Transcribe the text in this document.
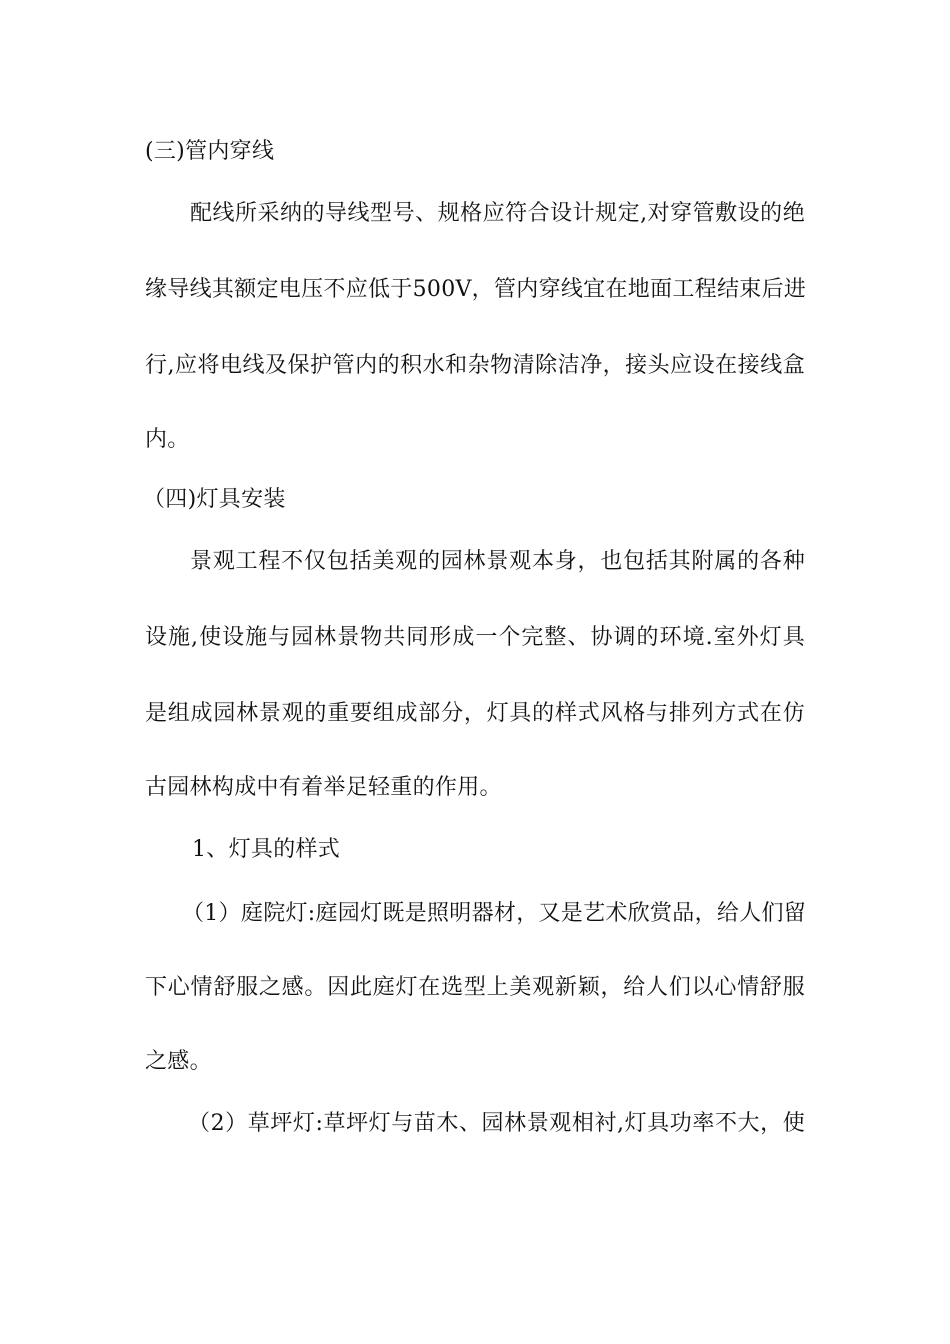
(三)管内穿线
配线所采纳的导线型号、规格应符合设计规定,对穿管敷设的绝
缘导线其额定电压不应低于500V，管内穿线宜在地面工程结束后进
行,应将电线及保护管内的积水和杂物清除洁净，接头应设在接线盒
内。
（四)灯具安装
景观工程不仅包括美观的园林景观本身，也包括其附属的各种
设施,使设施与园林景物共同形成一个完整、协调的环境.室外灯具
是组成园林景观的重要组成部分，灯具的样式风格与排列方式在仿
古园林构成中有着举足轻重的作用。
1、灯具的样式
（1）庭院灯:庭园灯既是照明器材，又是艺术欣赏品，给人们留
下心情舒服之感。因此庭灯在选型上美观新颖，给人们以心情舒服
之感。
（2）草坪灯:草坪灯与苗木、园林景观相衬,灯具功率不大，使
